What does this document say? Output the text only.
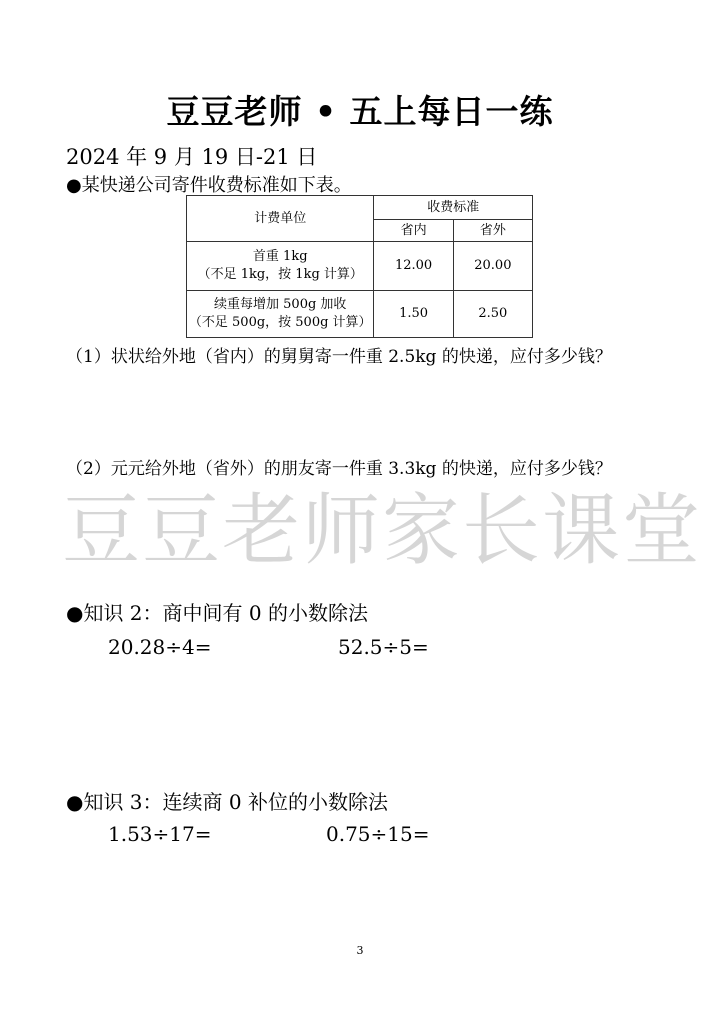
豆豆老师 • 五上每日一练
2024 年 9 月 19 日-21 日
●某快递公司寄件收费标准如下表。
计费单位	收费标准	
	省内	省外

首重 1kg
（不足 1kg，按 1kg 计算）	12.00	20.00

续重每增加 500g 加收
（不足 500g，按 500g 计算）	1.50	2.50
（1）状状给外地（省内）的舅舅寄一件重 2.5kg 的快递，应付多少钱？
（2）元元给外地（省外）的朋友寄一件重 3.3kg 的快递，应付多少钱？
豆豆老师家长课堂
●知识 2：商中间有 0 的小数除法
20.28÷4=	52.5÷5=
●知识 3：连续商 0 补位的小数除法
1.53÷17=	0.75÷15=
3
